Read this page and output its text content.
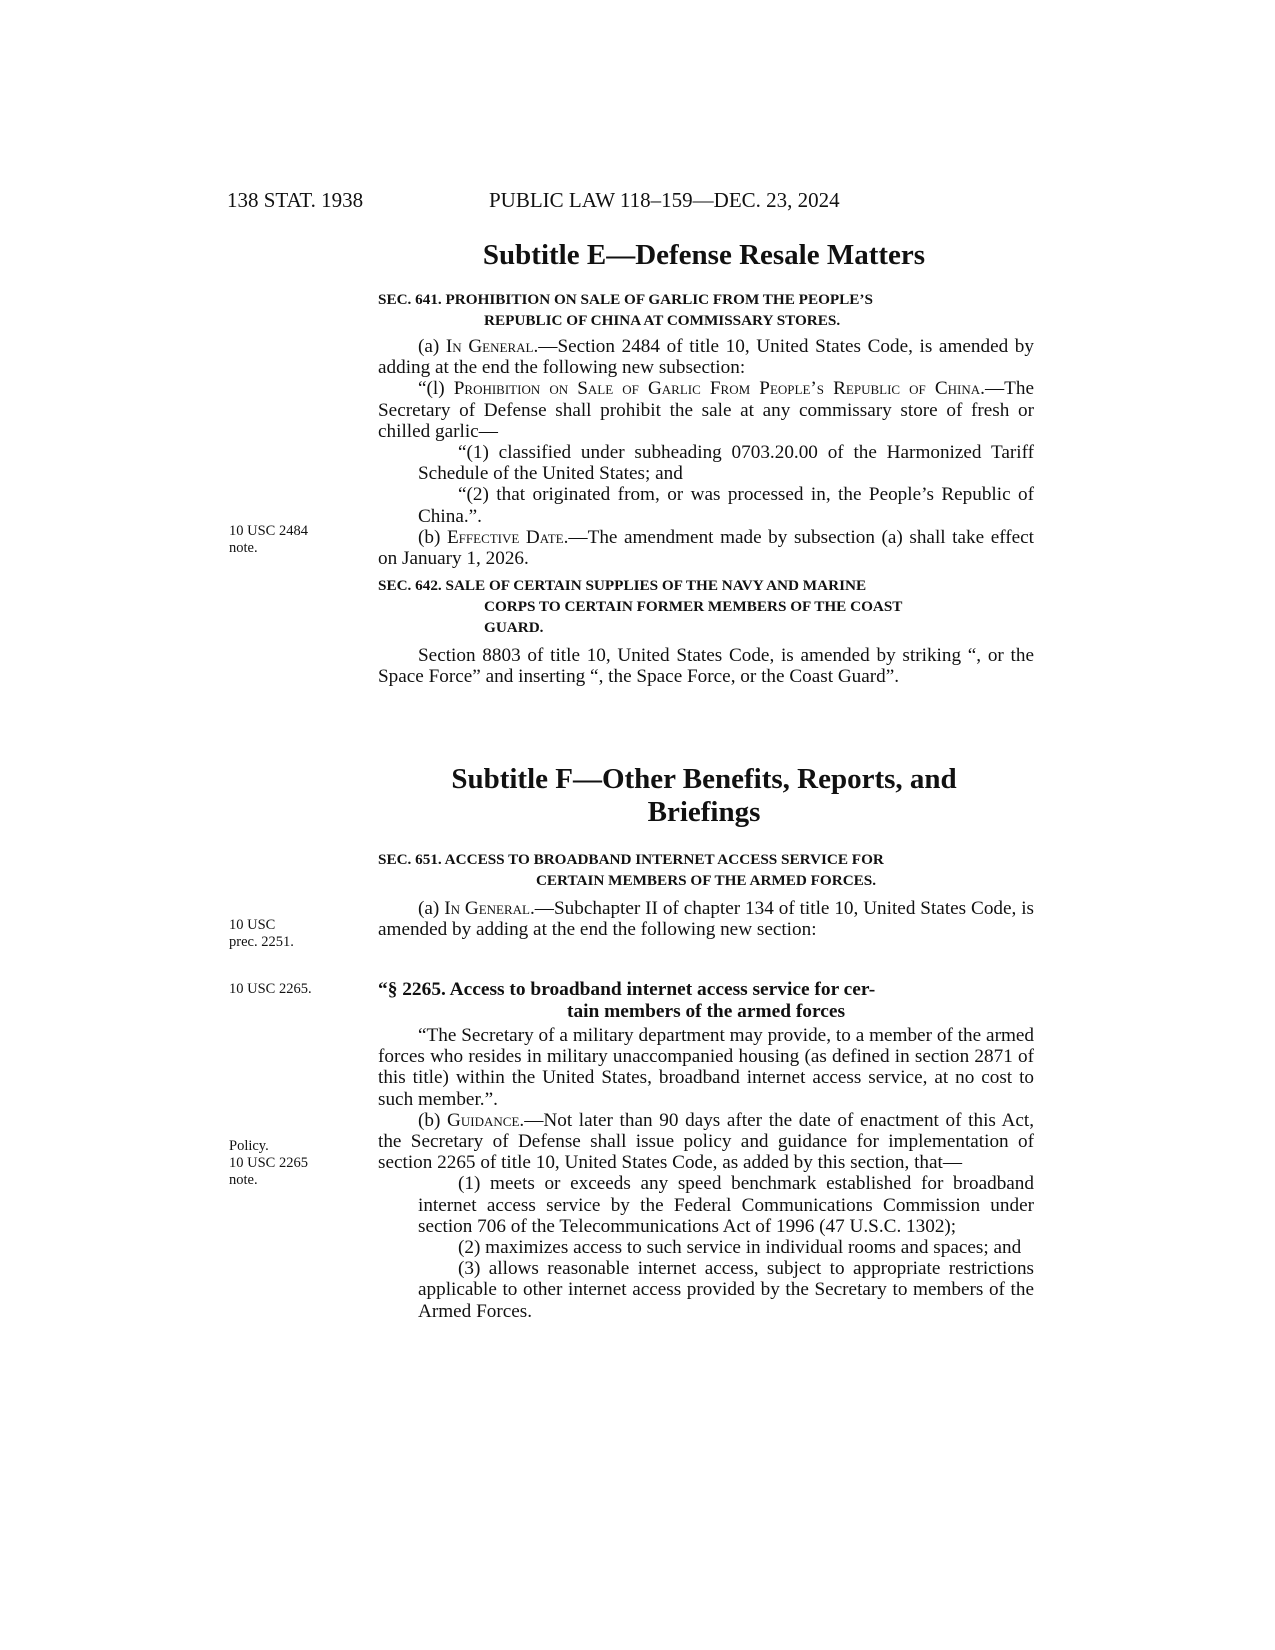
138 STAT. 1938	PUBLIC LAW 118–159—DEC. 23, 2024
Subtitle E—Defense Resale Matters
SEC. 641. PROHIBITION ON SALE OF GARLIC FROM THE PEOPLE’S
REPUBLIC OF CHINA AT COMMISSARY STORES.

(a) In General.—Section 2484 of title 10, United States Code, is amended by adding at the end the following new subsection:

“(l) Prohibition on Sale of Garlic From People’s Republic of China.—The Secretary of Defense shall prohibit the sale at any commissary store of fresh or chilled garlic—

“(1) classified under subheading 0703.20.00 of the Harmonized Tariff Schedule of the United States; and

“(2) that originated from, or was processed in, the People’s Republic of China.”.

(b) Effective Date.—The amendment made by subsection (a) shall take effect on January 1, 2026.

10 USC 2484
note.
SEC. 642. SALE OF CERTAIN SUPPLIES OF THE NAVY AND MARINE
CORPS TO CERTAIN FORMER MEMBERS OF THE COAST
GUARD.

Section 8803 of title 10, United States Code, is amended by striking “, or the Space Force” and inserting “, the Space Force, or the Coast Guard”.

Subtitle F—Other Benefits, Reports, and
Briefings
SEC. 651. ACCESS TO BROADBAND INTERNET ACCESS SERVICE FOR
CERTAIN MEMBERS OF THE ARMED FORCES.

(a) In General.—Subchapter II of chapter 134 of title 10, United States Code, is amended by adding at the end the following new section:

10 USC
prec. 2251.
10 USC 2265.	“§ 2265. Access to broadband internet access service for cer-
tain members of the armed forces

“The Secretary of a military department may provide, to a member of the armed forces who resides in military unaccompanied housing (as defined in section 2871 of this title) within the United States, broadband internet access service, at no cost to such member.”.

(b) Guidance.—Not later than 90 days after the date of enactment of this Act, the Secretary of Defense shall issue policy and guidance for implementation of section 2265 of title 10, United States Code, as added by this section, that—

(1) meets or exceeds any speed benchmark established for broadband internet access service by the Federal Communications Commission under section 706 of the Telecommunications Act of 1996 (47 U.S.C. 1302);

(2) maximizes access to such service in individual rooms and spaces; and

(3) allows reasonable internet access, subject to appropriate restrictions applicable to other internet access provided by the Secretary to members of the Armed Forces.

Policy.
10 USC 2265
note.
